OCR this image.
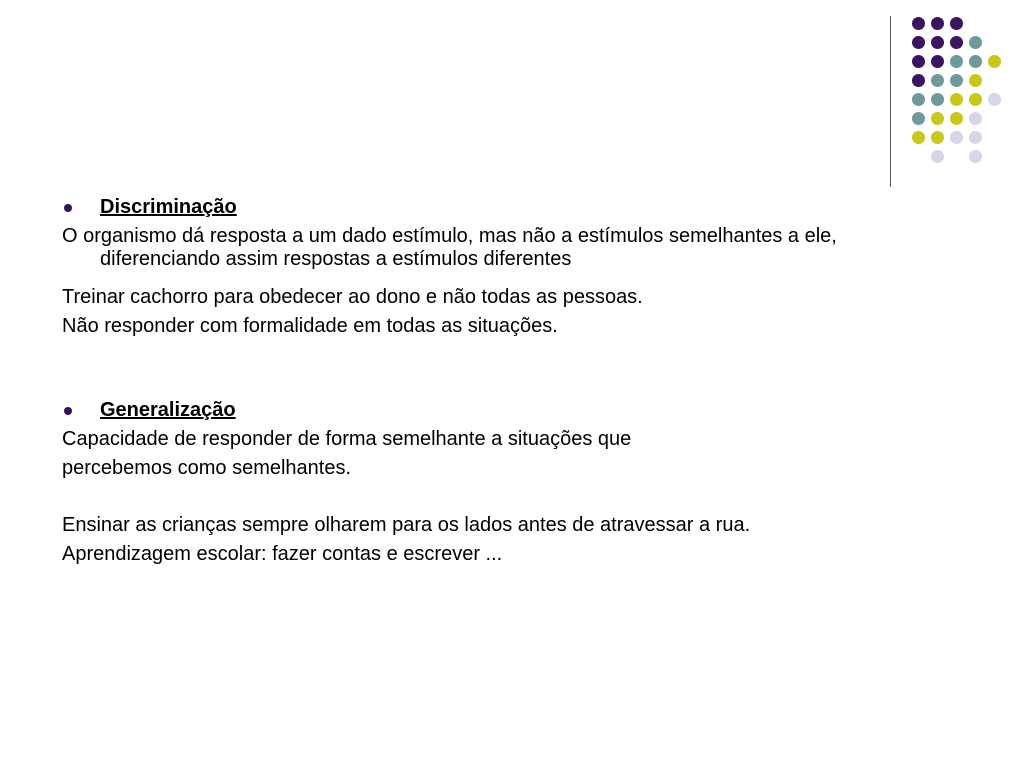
Discriminação

O organismo dá resposta a um dado estímulo, mas não a estímulos semelhantes a ele, diferenciando assim respostas a estímulos diferentes

Treinar cachorro para obedecer ao dono e não todas as pessoas.

Não responder com formalidade em todas as situações.

Generalização

Capacidade de responder de forma semelhante a situações que

percebemos como semelhantes.

Ensinar as crianças sempre olharem para os lados antes de atravessar a rua.

Aprendizagem escolar: fazer contas e escrever ...
